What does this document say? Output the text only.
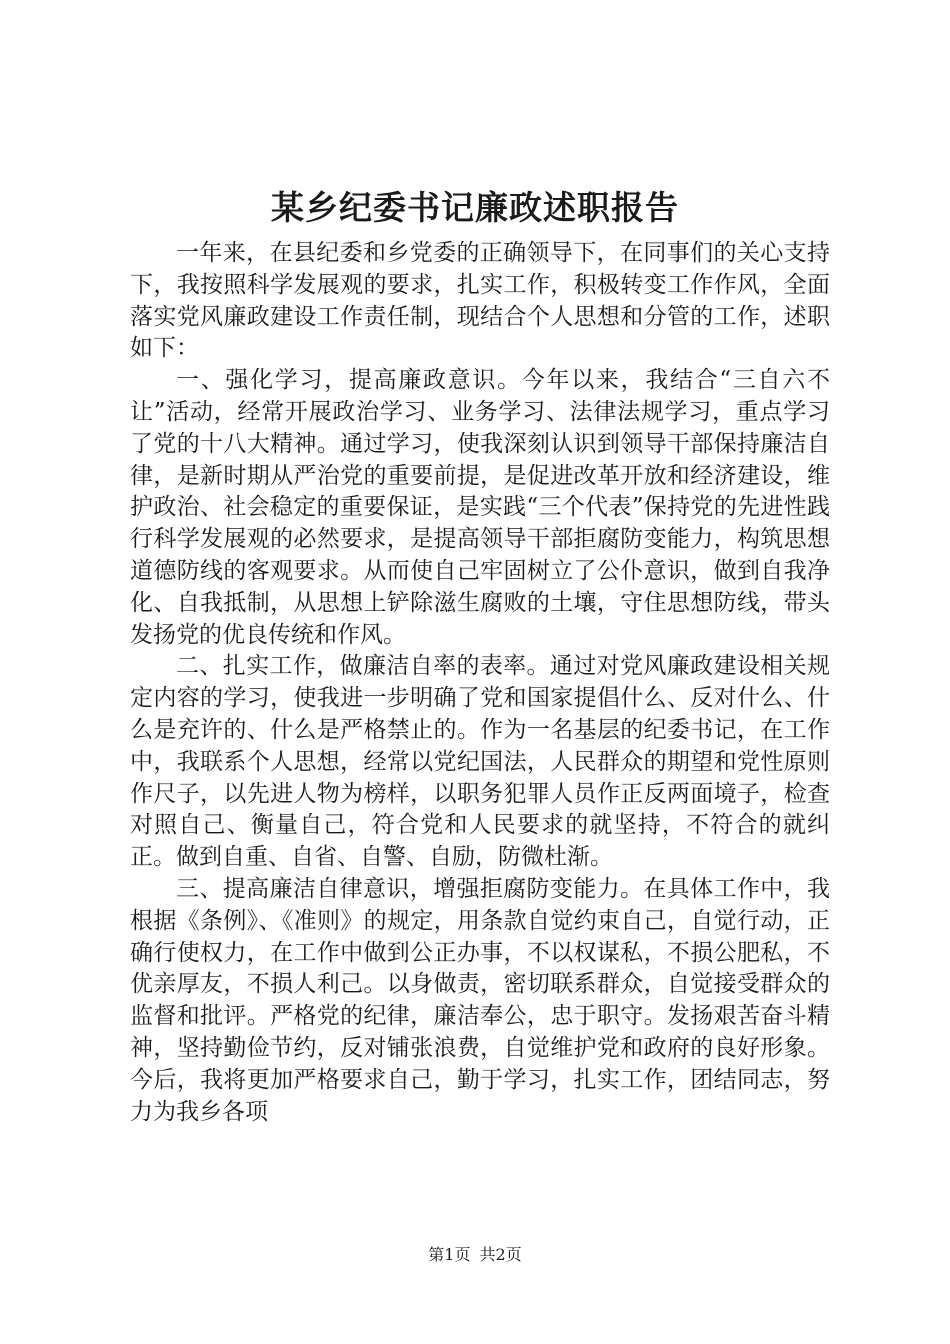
某乡纪委书记廉政述职报告

一年来，在县纪委和乡党委的正确领导下，在同事们的关心支持下，我按照科学发展观的要求，扎实工作，积极转变工作作风，全面落实党风廉政建设工作责任制，现结合个人思想和分管的工作，述职如下：

一、强化学习，提高廉政意识。今年以来，我结合“三自六不让”活动，经常开展政治学习、业务学习、法律法规学习，重点学习了党的十八大精神。通过学习，使我深刻认识到领导干部保持廉洁自律，是新时期从严治党的重要前提，是促进改革开放和经济建设，维护政治、社会稳定的重要保证，是实践“三个代表”保持党的先进性践行科学发展观的必然要求，是提高领导干部拒腐防变能力，构筑思想道德防线的客观要求。从而使自己牢固树立了公仆意识，做到自我净化、自我抵制，从思想上铲除滋生腐败的土壤，守住思想防线，带头发扬党的优良传统和作风。

二、扎实工作，做廉洁自率的表率。通过对党风廉政建设相关规定内容的学习，使我进一步明确了党和国家提倡什么、反对什么、什么是充许的、什么是严格禁止的。作为一名基层的纪委书记，在工作中，我联系个人思想，经常以党纪国法，人民群众的期望和党性原则作尺子，以先进人物为榜样，以职务犯罪人员作正反两面境子，检查对照自己、衡量自己，符合党和人民要求的就坚持，不符合的就纠正。做到自重、自省、自警、自励，防微杜渐。

三、提高廉洁自律意识，增强拒腐防变能力。在具体工作中，我根据《条例》、《准则》的规定，用条款自觉约束自己，自觉行动，正确行使权力，在工作中做到公正办事，不以权谋私，不损公肥私，不优亲厚友，不损人利己。以身做责，密切联系群众，自觉接受群众的监督和批评。严格党的纪律，廉洁奉公，忠于职守。发扬艰苦奋斗精神，坚持勤俭节约，反对铺张浪费，自觉维护党和政府的良好形象。今后，我将更加严格要求自己，勤于学习，扎实工作，团结同志，努力为我乡各项

第1页 共2页
